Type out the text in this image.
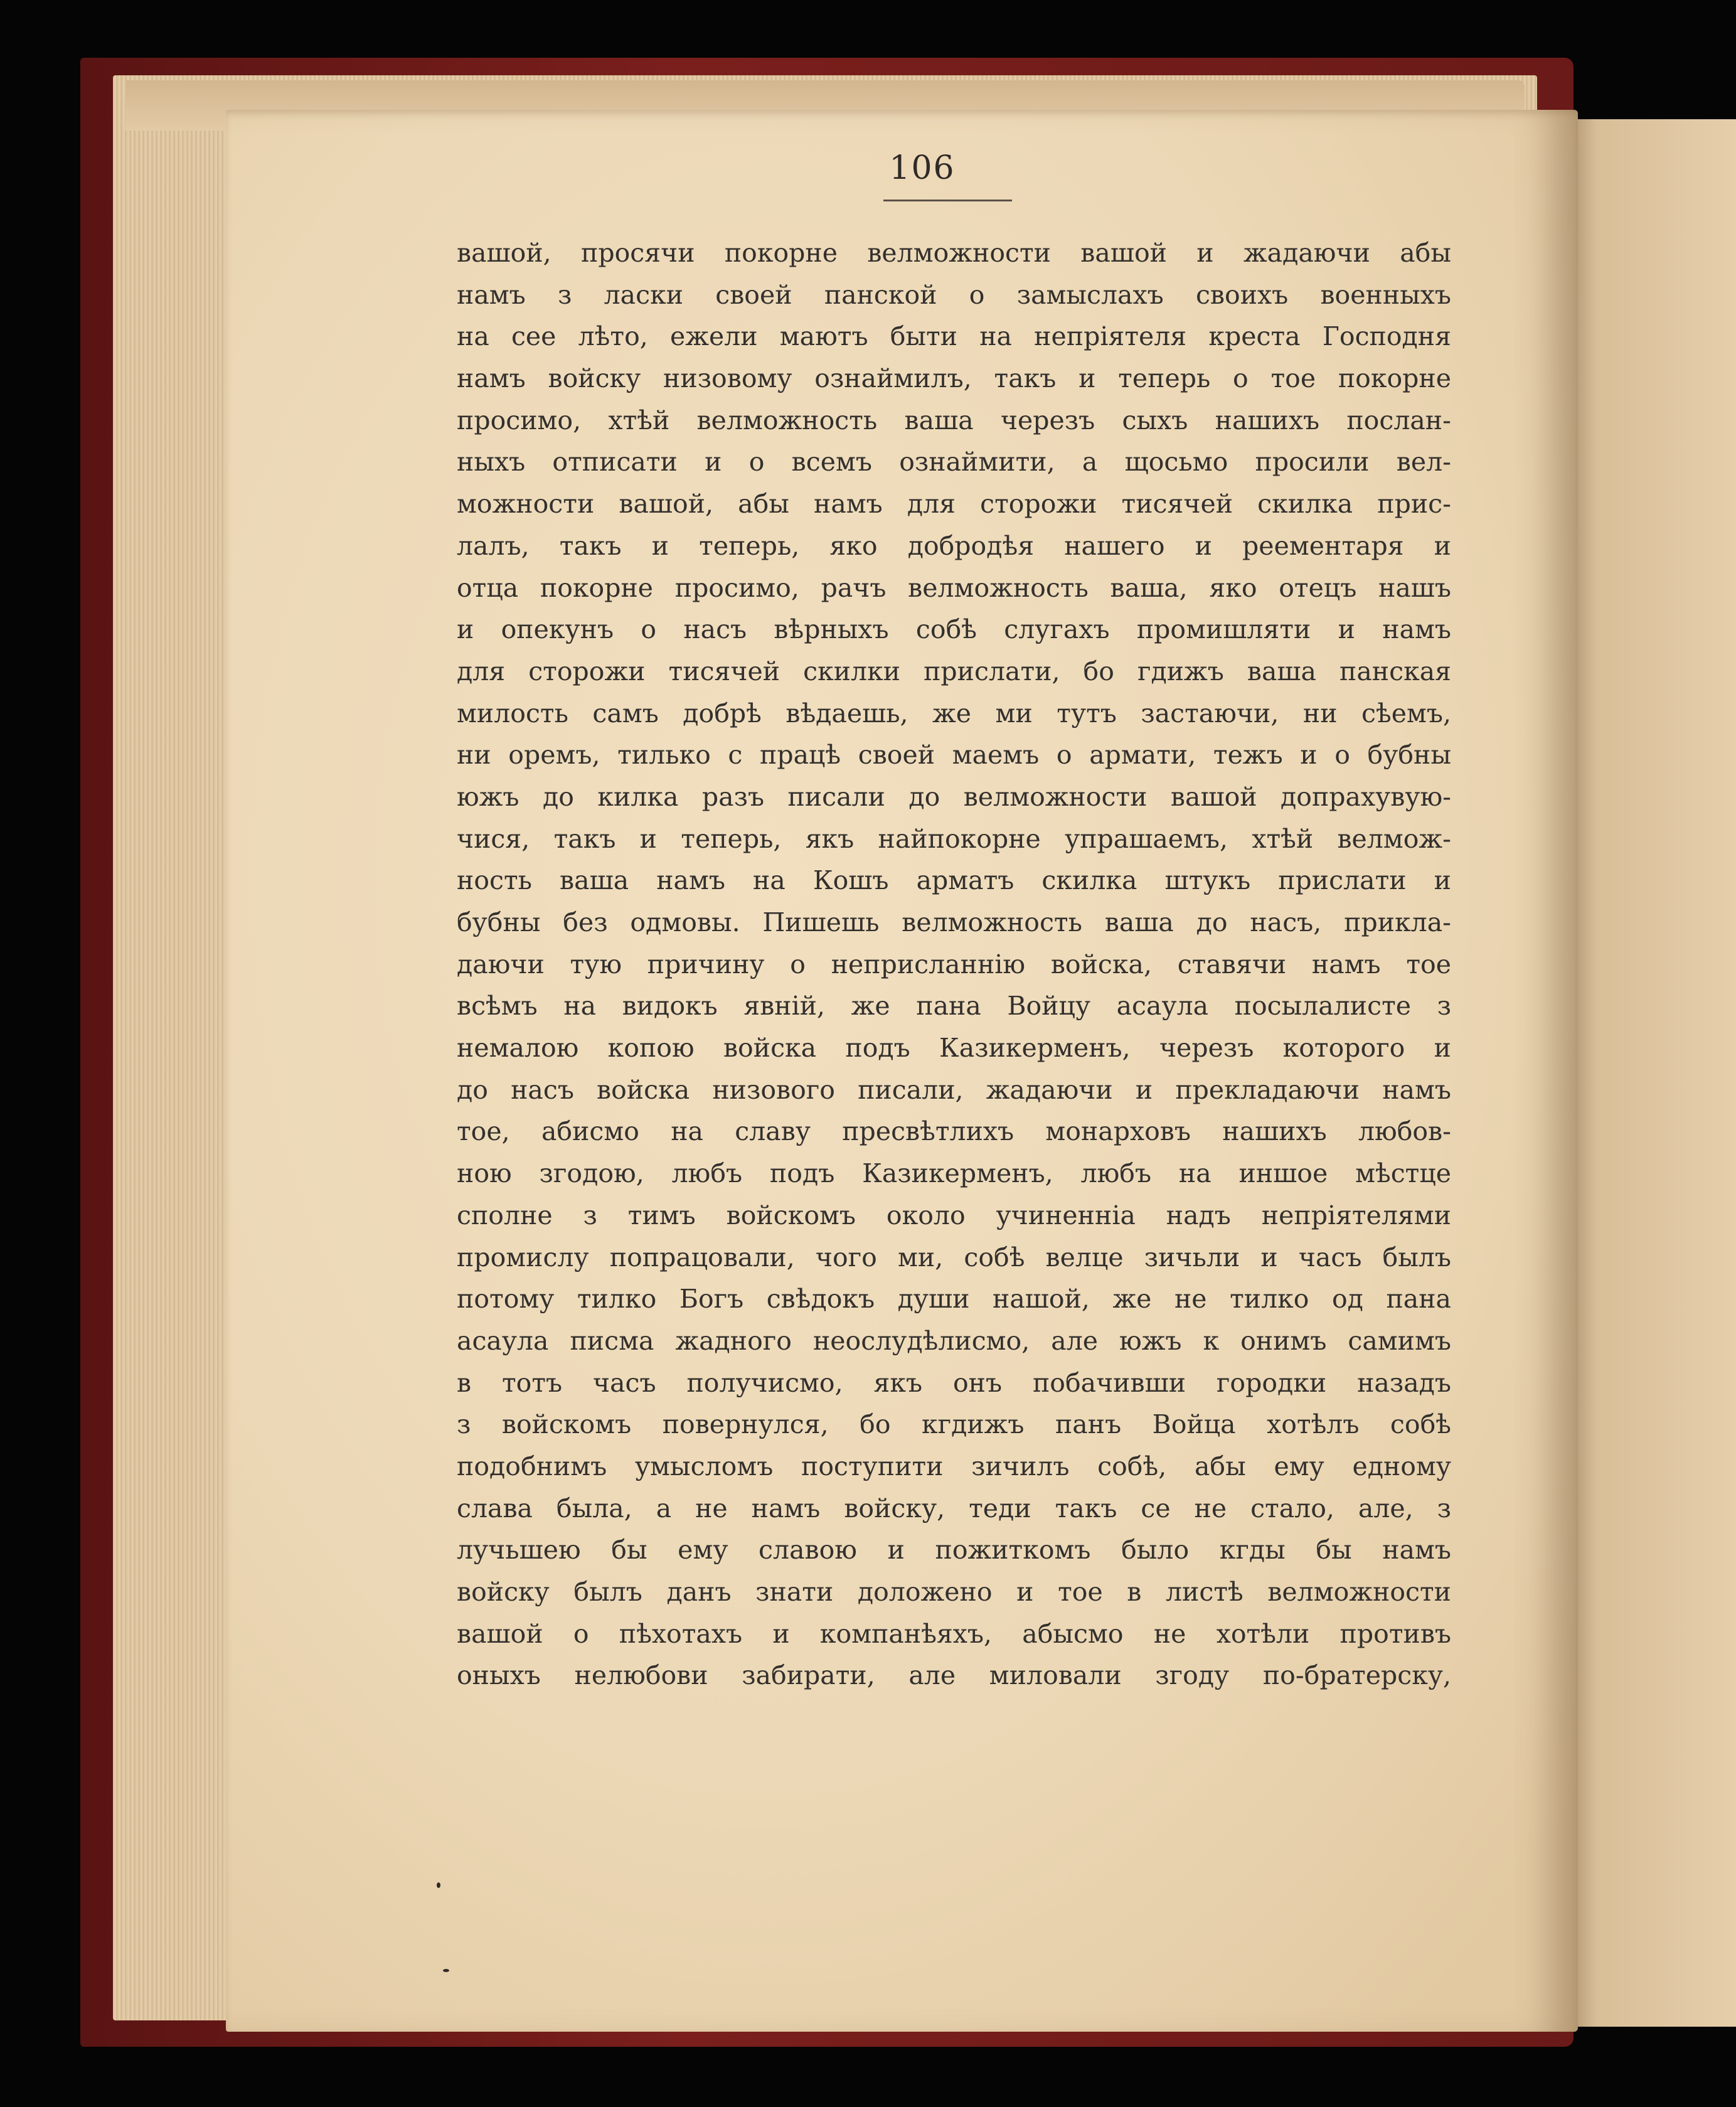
106
вашой, просячи покорне велможности вашой и жадаючи абы
намъ з ласки своей панской о замыслахъ своихъ военныхъ
на сее лѣто, ежели маютъ быти на непріятеля креста Господня
намъ войску низовому ознаймилъ, такъ и теперь о тое покорне
просимо, хтѣй велможность ваша черезъ сыхъ нашихъ послан-
ныхъ отписати и о всемъ ознаймити, а щосьмо просили вел-
можности вашой, абы намъ для сторожи тисячей скилка прис-
лалъ, такъ и теперь, яко добродѣя нашего и реементаря и
отца покорне просимо, рачъ велможность ваша, яко отецъ нашъ
и опекунъ о насъ вѣрныхъ собѣ слугахъ промишляти и намъ
для сторожи тисячей скилки прислати, бо гдижъ ваша панская
милость самъ добрѣ вѣдаешь, же ми тутъ застаючи, ни сѣемъ,
ни оремъ, тилько с працѣ своей маемъ о армати, тежъ и о бубны
южъ до килка разъ писали до велможности вашой допрахувую-
чися, такъ и теперь, якъ найпокорне упрашаемъ, хтѣй велмож-
ность ваша намъ на Кошъ арматъ скилка штукъ прислати и
бубны без одмовы. Пишешь велможность ваша до насъ, прикла-
даючи тую причину о неприсланнію войска, ставячи намъ тое
всѣмъ на видокъ явній, же пана Войцу асаула посылалисте з
немалою копою войска подъ Казикерменъ, черезъ которого и
до насъ войска низового писали, жадаючи и прекладаючи намъ
тое, абисмо на славу пресвѣтлихъ монарховъ нашихъ любов-
ною згодою, любъ подъ Казикерменъ, любъ на иншое мѣстце
сполне з тимъ войскомъ около учиненніа надъ непріятелями
промислу попрацовали, чого ми, собѣ велце зичьли и часъ былъ
потому тилко Богъ свѣдокъ души нашой, же не тилко од пана
асаула писма жадного неослудѣлисмо, але южъ к онимъ самимъ
в тотъ часъ получисмо, якъ онъ побачивши городки назадъ
з войскомъ повернулся, бо кгдижъ панъ Войца хотѣлъ собѣ
подобнимъ умысломъ поступити зичилъ собѣ, абы ему едному
слава была, а не намъ войску, теди такъ се не стало, але, з
лучьшею бы ему славою и пожиткомъ было кгды бы намъ
войску былъ данъ знати доложено и тое в листѣ велможности
вашой о пѣхотахъ и компанѣяхъ, абысмо не хотѣли противъ
оныхъ нелюбови забирати, але миловали згоду по-братерску,
